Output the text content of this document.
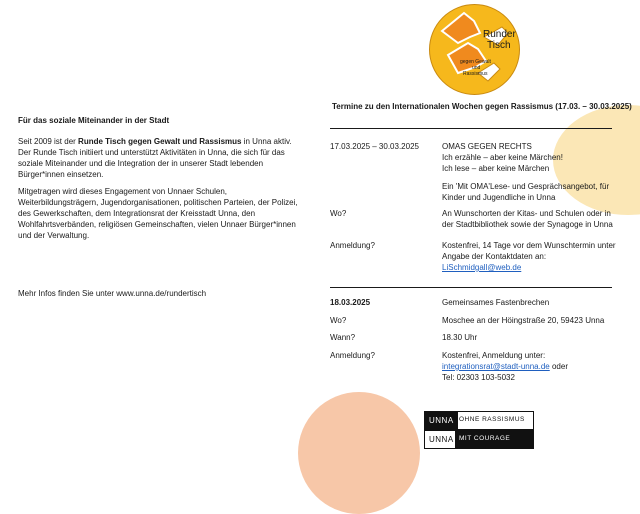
Runder
Tisch
gegen Gewalt
und
Rassismus

Für das soziale Miteinander in der Stadt

Seit 2009 ist der Runde Tisch gegen Gewalt und Rassismus in Unna aktiv. Der Runde Tisch initiiert und unterstützt Aktivitäten in Unna, die sich für das soziale Miteinander und die Integration der in unserer Stadt lebenden Bürger*innen einsetzen.

Mitgetragen wird dieses Engagement von Unnaer Schulen, Weiterbildungsträgern, Jugendorganisationen, politischen Parteien, der Polizei, des Gewerkschaften, dem Integrationsrat der Kreisstadt Unna, den Wohlfahrtsverbänden, religiösen Gemeinschaften, vielen Unnaer Bürger*innen und der Verwaltung.

Mehr Infos finden Sie unter www.unna.de/rundertisch

Termine zu den Internationalen Wochen gegen Rassismus (17.03. – 30.03.2025)
17.03.2025 – 30.03.2025	OMAS GEGEN RECHTS
Ich erzähle – aber keine Märchen!
Ich lese – aber keine Märchen
Ein 'Mit OMA'Lese- und Gesprächsangebot, für Kinder und Jugendliche in Unna
Wo?	An Wunschorten der Kitas- und Schulen oder in der Stadtbibliothek sowie der Synagoge in Unna
Anmeldung?	Kostenfrei, 14 Tage vor dem Wunschtermin unter Angabe der Kontaktdaten an:
LiSchmidgall@web.de
18.03.2025	Gemeinsames Fastenbrechen
Wo?	Moschee an der Höingstraße 20, 59423 Unna
Wann?	18.30 Uhr
Anmeldung?	Kostenfrei, Anmeldung unter:
integrationsrat@stadt-unna.de oder
Tel: 02303 103-5032
UNNA OHNE RASSISMUS
UNNA MIT COURAGE
